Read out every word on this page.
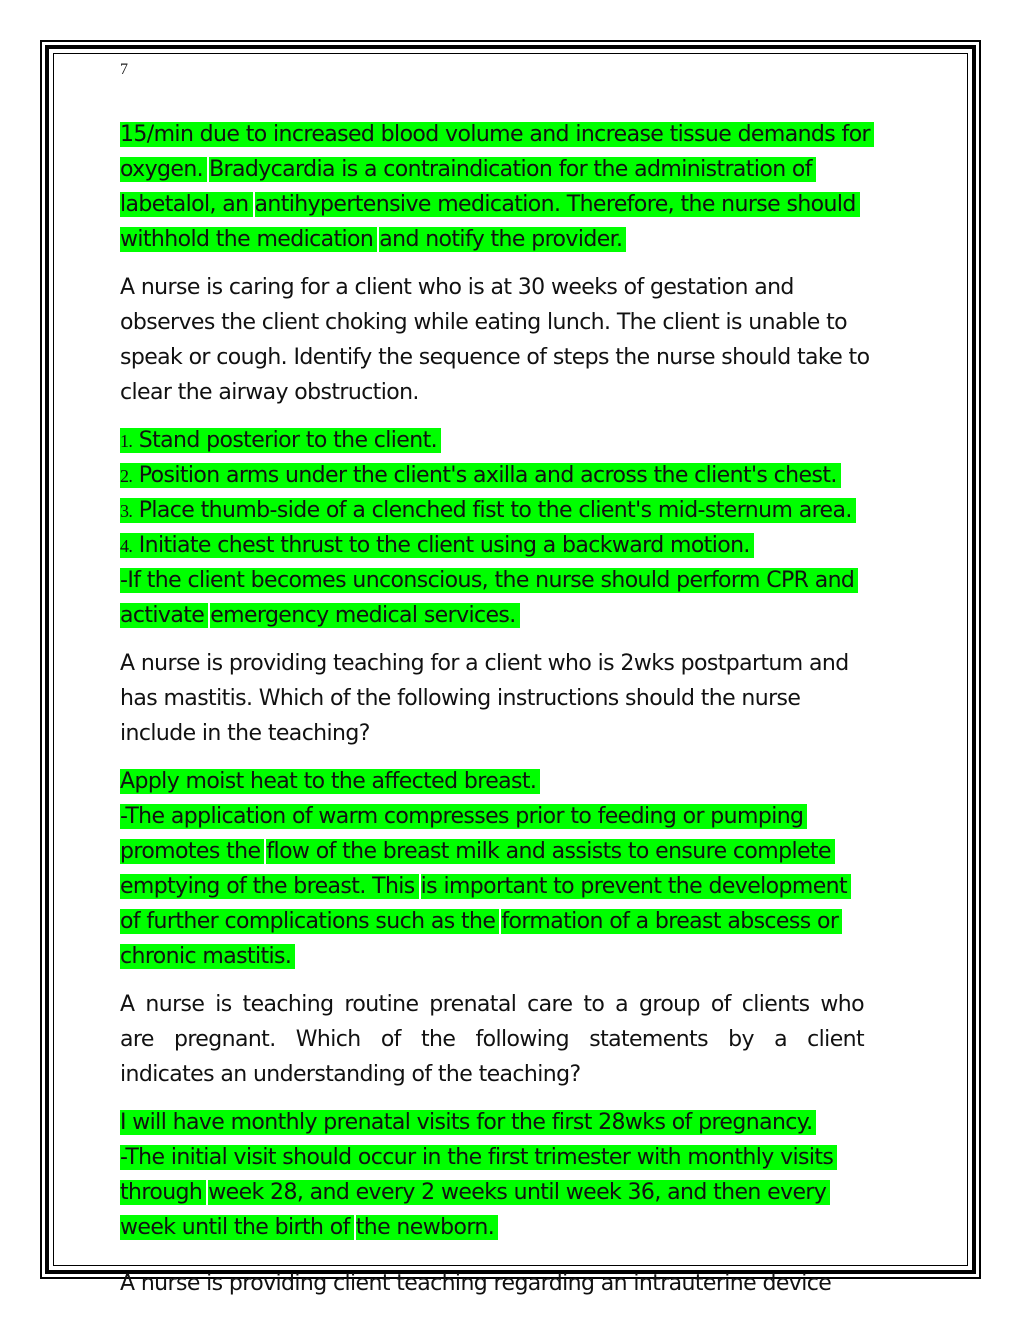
7
15/min due to increased blood volume and increase tissue demands for
oxygen. Bradycardia is a contraindication for the administration of
labetalol, an antihypertensive medication. Therefore, the nurse should
withhold the medication and notify the provider.
A nurse is caring for a client who is at 30 weeks of gestation and
observes the client choking while eating lunch. The client is unable to
speak or cough. Identify the sequence of steps the nurse should take to
clear the airway obstruction.
1. Stand posterior to the client.
2. Position arms under the client's axilla and across the client's chest.
3. Place thumb-side of a clenched fist to the client's mid-sternum area.
4. Initiate chest thrust to the client using a backward motion.
-If the client becomes unconscious, the nurse should perform CPR and
activate emergency medical services.
A nurse is providing teaching for a client who is 2wks postpartum and
has mastitis. Which of the following instructions should the nurse
include in the teaching?
Apply moist heat to the affected breast.
-The application of warm compresses prior to feeding or pumping
promotes the flow of the breast milk and assists to ensure complete
emptying of the breast. This is important to prevent the development
of further complications such as the formation of a breast abscess or
chronic mastitis.
A nurse is teaching routine prenatal care to a group of clients who
are pregnant. Which of the following statements by a client
indicates an understanding of the teaching?
I will have monthly prenatal visits for the first 28wks of pregnancy.
-The initial visit should occur in the first trimester with monthly visits
through week 28, and every 2 weeks until week 36, and then every
week until the birth of the newborn.
A nurse is providing client teaching regarding an intrauterine device
